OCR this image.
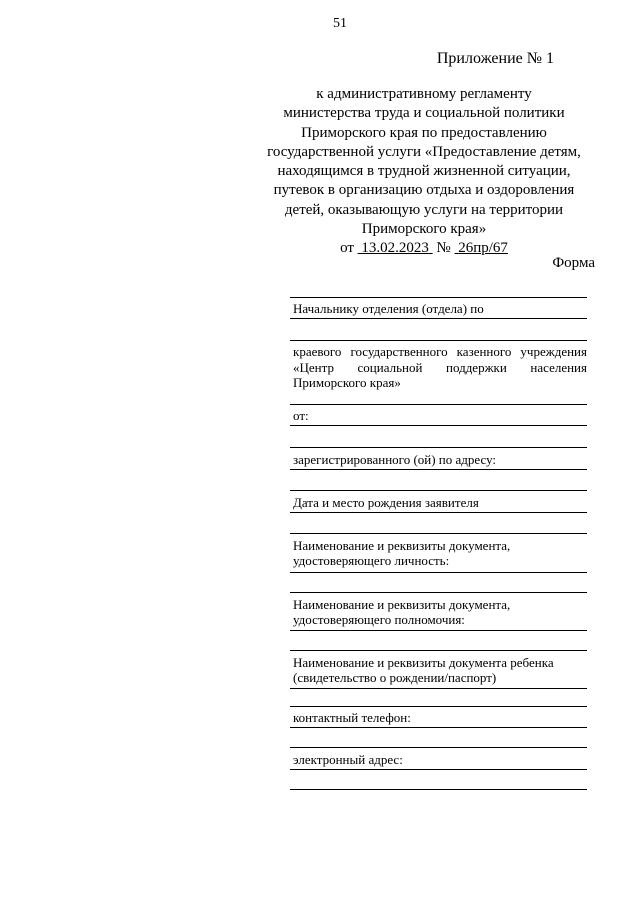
51
Приложение № 1
к административному регламенту
министерства труда и социальной политики
Приморского края по предоставлению
государственной услуги «Предоставление детям,
находящимся в трудной жизненной ситуации,
путевок в организацию отдыха и оздоровления
детей, оказывающую услуги на территории
Приморского края»
от 13.02.2023 № 26пр/67
Форма
Начальнику отделения (отдела) по
краевого государственного казенного учреждения «Центр социальной поддержки населения Приморского края»
от:
зарегистрированного (ой) по адресу:
Дата и место рождения заявителя
Наименование и реквизиты документа,
удостоверяющего личность:
Наименование и реквизиты документа,
удостоверяющего полномочия:
Наименование и реквизиты документа ребенка
(свидетельство о рождении/паспорт)
контактный телефон:
электронный адрес:
